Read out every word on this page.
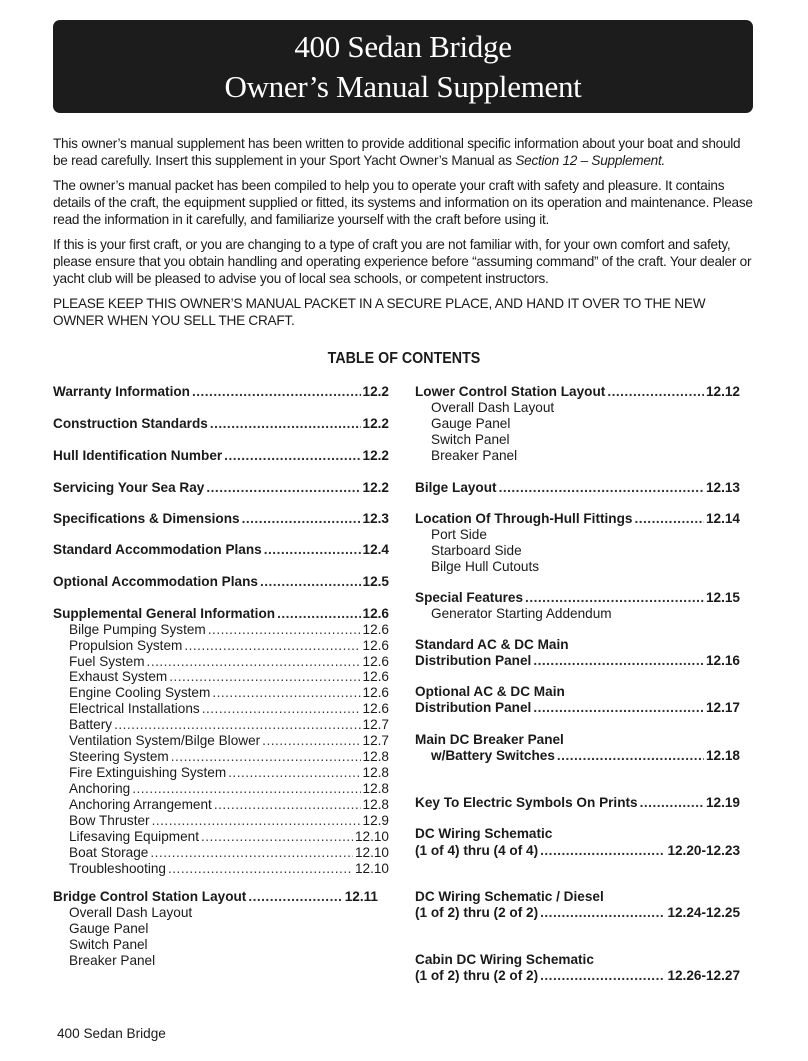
400 Sedan Bridge
Owner’s Manual Supplement

This owner’s manual supplement has been written to provide additional specific information about your boat and should be read carefully. Insert this supplement in your Sport Yacht Owner’s Manual as Section 12 – Supplement.

The owner’s manual packet has been compiled to help you to operate your craft with safety and pleasure. It contains details of the craft, the equipment supplied or fitted, its systems and information on its operation and maintenance. Please read the information in it carefully, and familiarize yourself with the craft before using it.

If this is your first craft, or you are changing to a type of craft you are not familiar with, for your own comfort and safety, please ensure that you obtain handling and operating experience before “assuming command” of the craft. Your dealer or yacht club will be pleased to advise you of local sea schools, or competent instructors.

PLEASE KEEP THIS OWNER’S MANUAL PACKET IN A SECURE PLACE, AND HAND IT OVER TO THE NEW OWNER WHEN YOU SELL THE CRAFT.

TABLE OF CONTENTS
Warranty Information .....	12.2
Construction Standards .....	12.2
Hull Identification Number .....	12.2
Servicing Your Sea Ray .....	12.2
Specifications & Dimensions .....	12.3
Standard Accommodation Plans .....	12.4
Optional Accommodation Plans .....	12.5
Supplemental General Information .....	12.6
Bilge Pumping System .....	12.6
Propulsion System .....	12.6
Fuel System .....	12.6
Exhaust System .....	12.6
Engine Cooling System .....	12.6
Electrical Installations .....	12.6
Battery .....	12.7
Ventilation System/Bilge Blower .....	12.7
Steering System .....	12.8
Fire Extinguishing System .....	12.8
Anchoring .....	12.8
Anchoring Arrangement .....	12.8
Bow Thruster .....	12.9
Lifesaving Equipment .....	12.10
Boat Storage .....	12.10
Troubleshooting .....	12.10
Bridge Control Station Layout .....	12.11
Overall Dash Layout
Gauge Panel
Switch Panel
Breaker Panel
Lower Control Station Layout .....	12.12
Overall Dash Layout
Gauge Panel
Switch Panel
Breaker Panel
Bilge Layout .....	12.13
Location Of Through-Hull Fittings .....	12.14
Port Side
Starboard Side
Bilge Hull Cutouts
Special Features .....	12.15
Generator Starting Addendum
Standard AC & DC Main
Distribution Panel .....	12.16
Optional AC & DC Main
Distribution Panel .....	12.17
Main DC Breaker Panel
w/Battery Switches .....	12.18
Key To Electric Symbols On Prints .....	12.19
DC Wiring Schematic
(1 of 4) thru (4 of 4) .....	12.20-12.23
DC Wiring Schematic / Diesel
(1 of 2) thru (2 of 2) .....	12.24-12.25
Cabin DC Wiring Schematic
(1 of 2) thru (2 of 2) .....	12.26-12.27
400 Sedan Bridge
